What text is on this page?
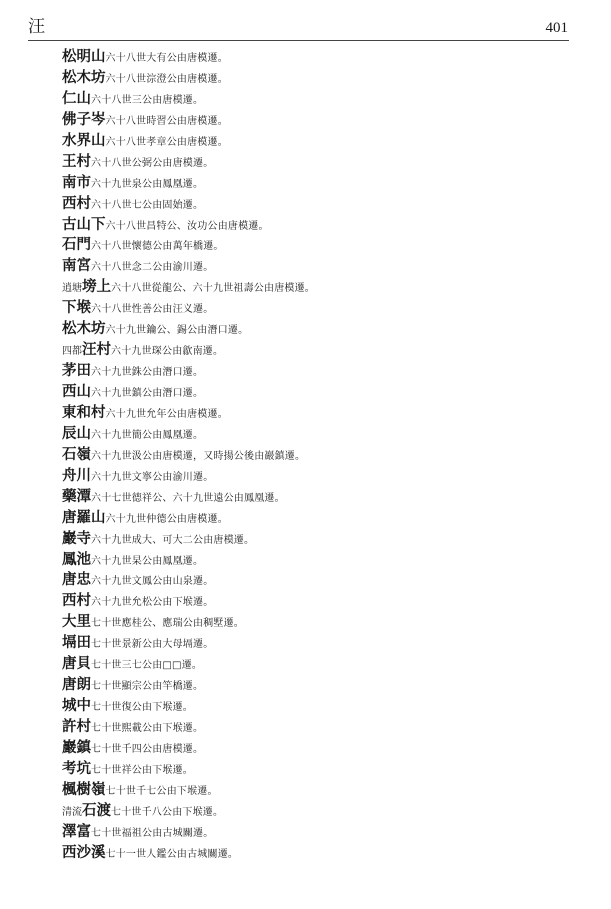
汪	401
松明山六十八世大有公由唐模遷。
松木坊六十八世淙澄公由唐模遷。
仁山六十八世三公由唐模遷。
佛子岑六十八世時習公由唐模遷。
水界山六十八世孝章公由唐模遷。
王村六十八世公弼公由唐模遷。
南市六十九世泉公由鳳凰遷。
西村六十八世七公由固始遷。
古山下六十八世昌特公、汝功公由唐模遷。
石門六十八世懷德公由萬年橋遷。
南宮六十八世念二公由渝川遷。
逍塘塝上六十八世從龍公、六十九世祖壽公由唐模遷。
下堠六十八世性善公由汪义遷。
松木坊六十九世鑰公、錫公由潛口遷。
四都汪村六十九世琛公由歙南遷。
茅田六十九世銖公由潛口遷。
西山六十九世鎮公由潛口遷。
東和村六十九世允年公由唐模遷。
辰山六十九世簡公由鳳凰遷。
石嶺六十九世汲公由唐模遷，又時揚公後由巖鎮遷。
舟川六十九世文寧公由渝川遷。
藥潭六十七世德祥公、六十九世遠公由鳳凰遷。
唐羅山六十九世仲德公由唐模遷。
巖寺六十九世成大、可大二公由唐模遷。
鳳池六十九世杲公由鳳凰遷。
唐忠六十九世文鳳公由山泉遷。
西村六十九世允松公由下堠遷。
大里七十世應桂公、應瑞公由稠墅遷。
塥田七十世景新公由大母塥遷。
唐貝七十世三七公由□□遷。
唐朗七十世顯宗公由竿橋遷。
城中七十世復公由下堠遷。
許村七十世熙載公由下堠遷。
巖鎮七十世千四公由唐模遷。
考坑七十世祥公由下堠遷。
楓樹嶺七十世千七公由下堠遷。
清流石渡七十世千八公由下堠遷。
澤富七十世福祖公由古城關遷。
西沙溪七十一世人鑑公由古城關遷。
